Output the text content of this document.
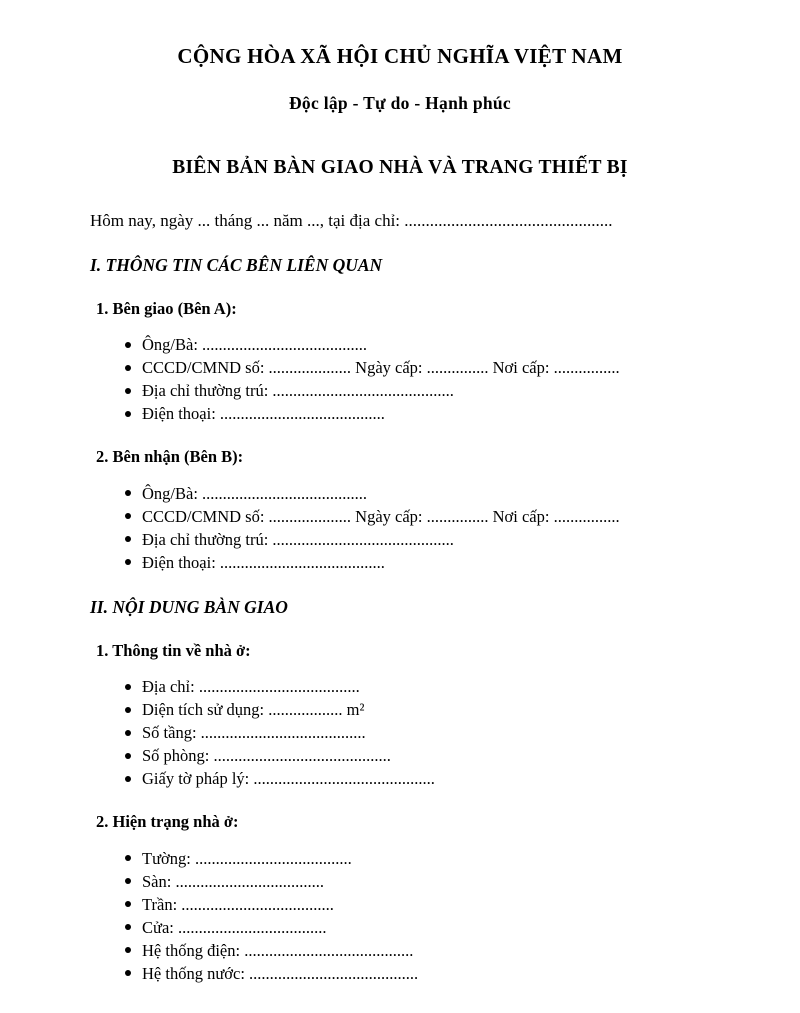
CỘNG HÒA XÃ HỘI CHỦ NGHĨA VIỆT NAM
Độc lập - Tự do - Hạnh phúc
BIÊN BẢN BÀN GIAO NHÀ VÀ TRANG THIẾT BỊ
Hôm nay, ngày ... tháng ... năm ..., tại địa chỉ: .................................................
I. THÔNG TIN CÁC BÊN LIÊN QUAN
1. Bên giao (Bên A):
Ông/Bà: ........................................
CCCD/CMND số: .................... Ngày cấp: ............... Nơi cấp: ................
Địa chỉ thường trú: ............................................
Điện thoại: ........................................
2. Bên nhận (Bên B):
Ông/Bà: ........................................
CCCD/CMND số: .................... Ngày cấp: ............... Nơi cấp: ................
Địa chỉ thường trú: ............................................
Điện thoại: ........................................
II. NỘI DUNG BÀN GIAO
1. Thông tin về nhà ở:
Địa chỉ: .......................................
Diện tích sử dụng: .................. m²
Số tầng: ........................................
Số phòng: ...........................................
Giấy tờ pháp lý: ............................................
2. Hiện trạng nhà ở:
Tường: ......................................
Sàn: ....................................
Trần: .....................................
Cửa: ....................................
Hệ thống điện: .........................................
Hệ thống nước: .........................................
